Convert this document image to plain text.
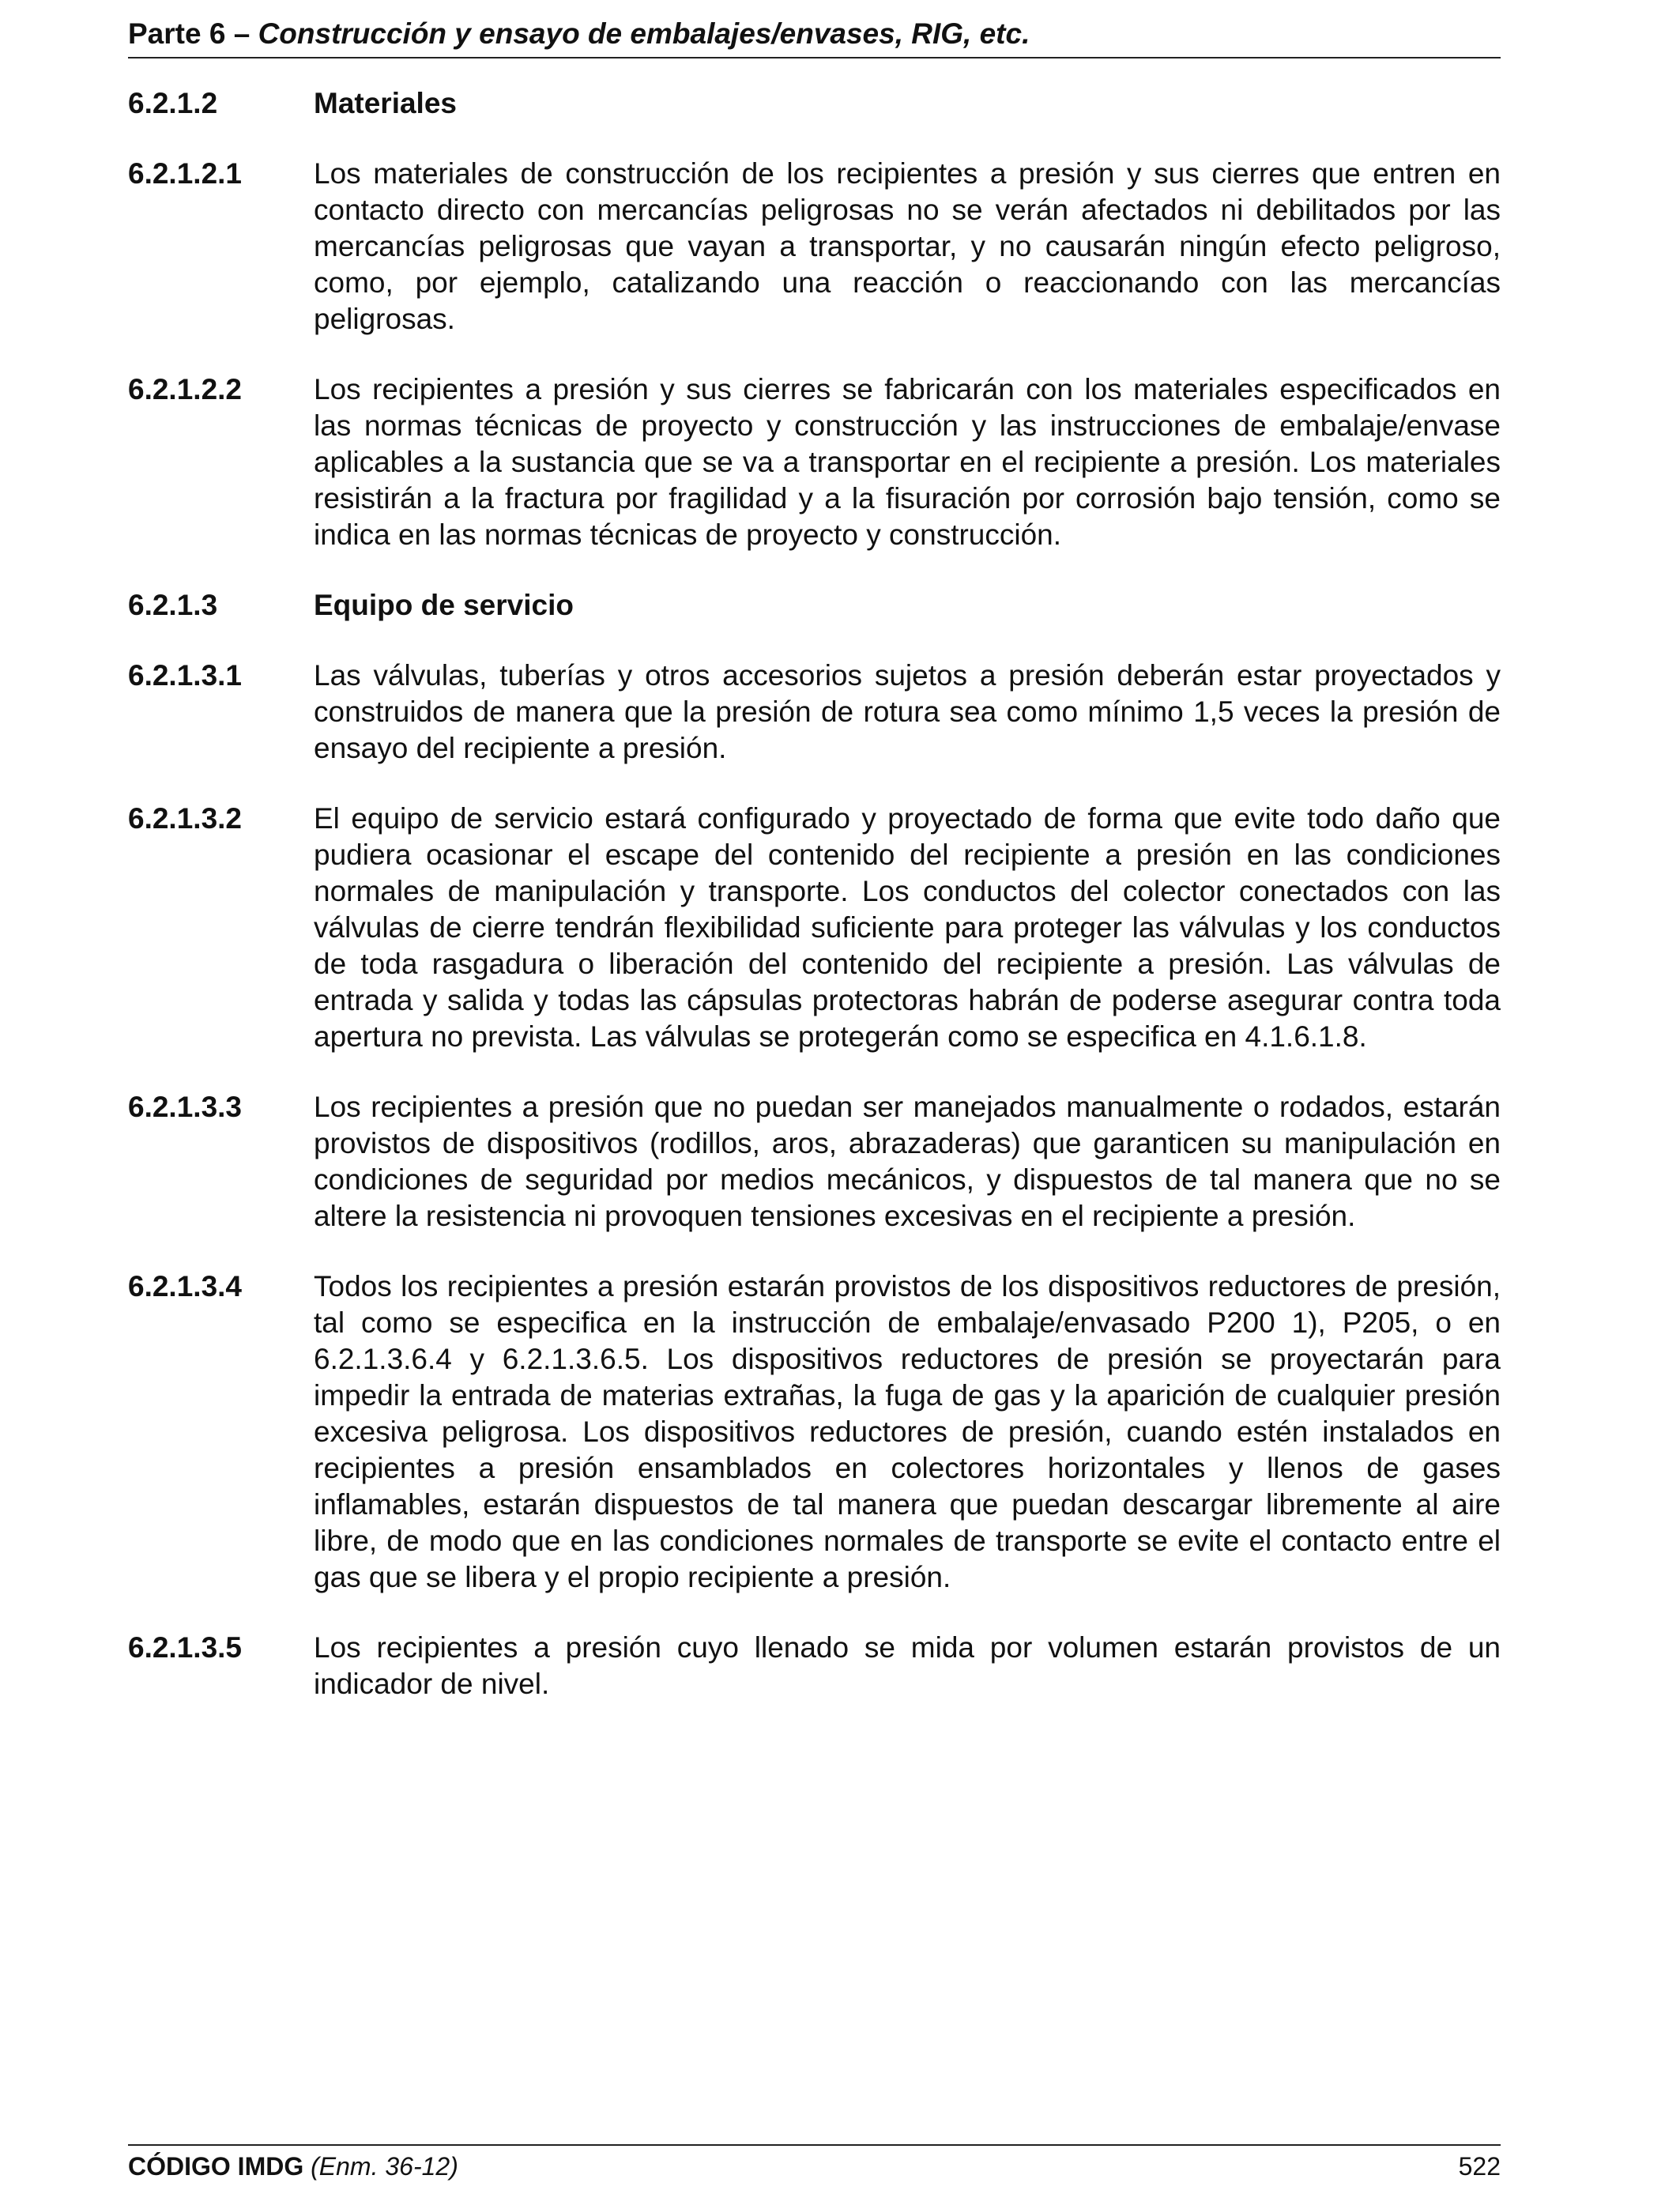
Parte 6 – Construcción y ensayo de embalajes/envases, RIG, etc.
6.2.1.2	Materiales
6.2.1.2.1	Los materiales de construcción de los recipientes a presión y sus cierres que entren en contacto directo con mercancías peligrosas no se verán afectados ni debilitados por las mercancías peligrosas que vayan a transportar, y no causarán ningún efecto peligroso, como, por ejemplo, catalizando una reacción o reaccionando con las mercancías peligrosas.
6.2.1.2.2	Los recipientes a presión y sus cierres se fabricarán con los materiales especificados en las normas técnicas de proyecto y construcción y las instrucciones de embalaje/envase aplicables a la sustancia que se va a transportar en el recipiente a presión. Los materiales resistirán a la fractura por fragilidad y a la fisuración por corrosión bajo tensión, como se indica en las normas técnicas de proyecto y construcción.
6.2.1.3	Equipo de servicio
6.2.1.3.1	Las válvulas, tuberías y otros accesorios sujetos a presión deberán estar proyectados y construidos de manera que la presión de rotura sea como mínimo 1,5 veces la presión de ensayo del recipiente a presión.
6.2.1.3.2	El equipo de servicio estará configurado y proyectado de forma que evite todo daño que pudiera ocasionar el escape del contenido del recipiente a presión en las condiciones normales de manipulación y transporte. Los conductos del colector conectados con las válvulas de cierre tendrán flexibilidad suficiente para proteger las válvulas y los conductos de toda rasgadura o liberación del contenido del recipiente a presión. Las válvulas de entrada y salida y todas las cápsulas protectoras habrán de poderse asegurar contra toda apertura no prevista. Las válvulas se protegerán como se especifica en 4.1.6.1.8.
6.2.1.3.3	Los recipientes a presión que no puedan ser manejados manualmente o rodados, estarán provistos de dispositivos (rodillos, aros, abrazaderas) que garanticen su manipulación en condiciones de seguridad por medios mecánicos, y dispuestos de tal manera que no se altere la resistencia ni provoquen tensiones excesivas en el recipiente a presión.
6.2.1.3.4	Todos los recipientes a presión estarán provistos de los dispositivos reductores de presión, tal como se especifica en la instrucción de embalaje/envasado P200 1), P205, o en 6.2.1.3.6.4 y 6.2.1.3.6.5. Los dispositivos reductores de presión se proyectarán para impedir la entrada de materias extrañas, la fuga de gas y la aparición de cualquier presión excesiva peligrosa. Los dispositivos reductores de presión, cuando estén instalados en recipientes a presión ensamblados en colectores horizontales y llenos de gases inflamables, estarán dispuestos de tal manera que puedan descargar libremente al aire libre, de modo que en las condiciones normales de transporte se evite el contacto entre el gas que se libera y el propio recipiente a presión.
6.2.1.3.5	Los recipientes a presión cuyo llenado se mida por volumen estarán provistos de un indicador de nivel.
CÓDIGO IMDG (Enm. 36-12)	522
